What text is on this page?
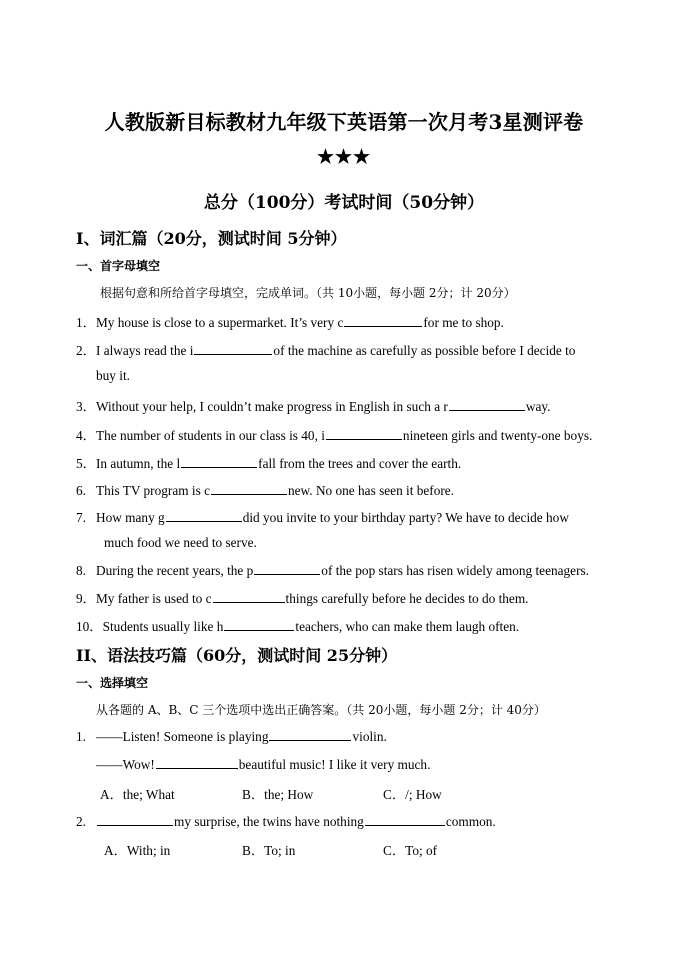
人教版新目标教材九年级下英语第一次月考3星测评卷
★★★
总分（100分）考试时间（50分钟）
I、词汇篇（20分，测试时间 5分钟）
一、首字母填空
根据句意和所给首字母填空，完成单词。（共 10小题，每小题 2分；计 20分）
1．My house is close to a supermarket. It’s very c	for me to shop.
2．I always read the i	of the machine as carefully as possible before I decide to
buy it.
3．Without your help, I couldn’t make progress in English in such a r	way.
4．The number of students in our class is 40, i	nineteen girls and twenty-one boys.
5．In autumn, the l	fall from the trees and cover the earth.
6. This TV program is c	new. No one has seen it before.
7. How many g	did you invite to your birthday party? We have to decide how
much food we need to serve.
8. During the recent years, the p	of the pop stars has risen widely among teenagers.
9．My father is used to c	things carefully before he decides to do them.
10．Students usually like h	teachers, who can make them laugh often.
II、语法技巧篇（60分，测试时间 25分钟）
一、选择填空
从各题的 A、B、C 三个选项中选出正确答案。（共 20小题，每小题 2分；计 40分）
1. ——Listen! Someone is playing	violin.
——Wow!	beautiful music! I like it very much.
A．the; What	B．the; How	C．/; How
2.	my surprise, the twins have nothing	common.
A．With; in	B．To; in	C．To; of
